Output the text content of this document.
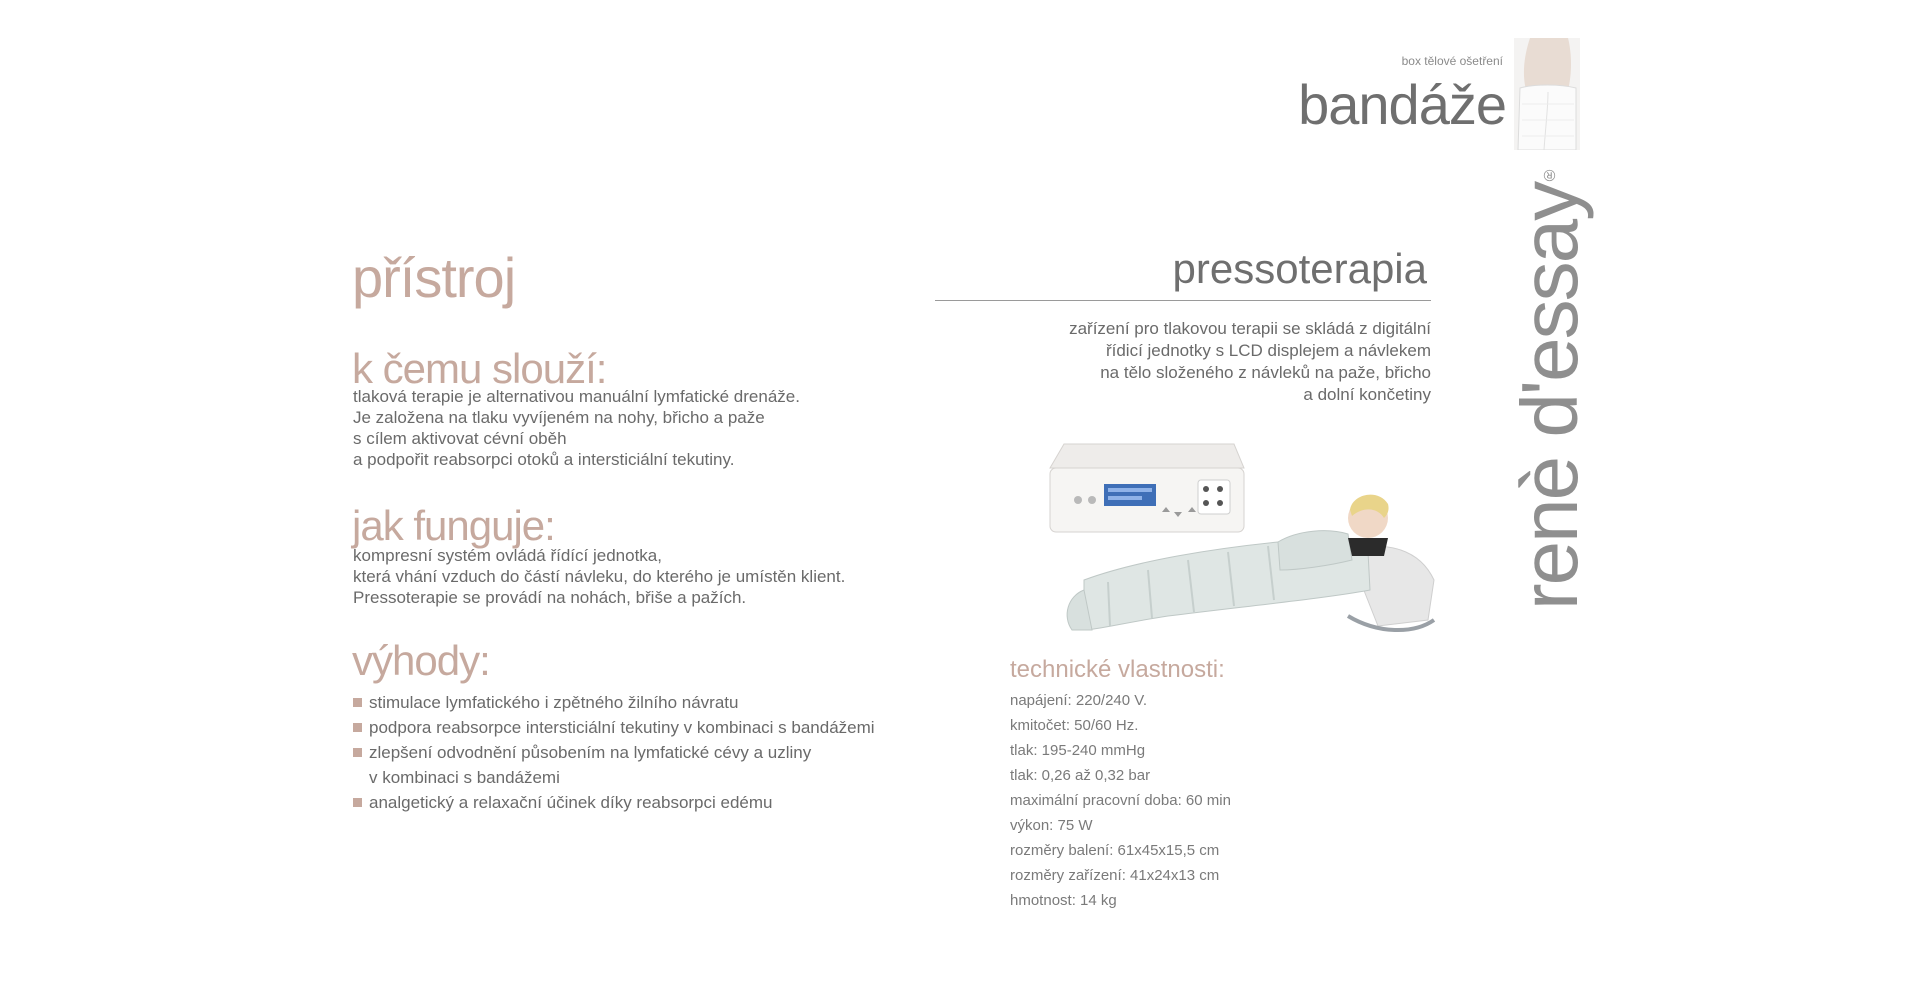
box tělové ošetření
bandáže
renè d'essay®
přístroj
k čemu slouží:
tlaková terapie je alternativou manuální lymfatické drenáže.
Je založena na tlaku vyvíjeném na nohy, břicho a paže
s cílem aktivovat cévní oběh
a podpořit reabsorpci otoků a intersticiální tekutiny.
jak funguje:
kompresní systém ovládá řídící jednotka,
která vhání vzduch do částí návleku, do kterého je umístěn klient.
Pressoterapie se provádí na nohách, břiše a pažích.
výhody:
stimulace lymfatického i zpětného žilního návratu
podpora reabsorpce intersticiální tekutiny v kombinaci s bandážemi
zlepšení odvodnění působením na lymfatické cévy a uzliny
v kombinaci s bandážemi
analgetický a relaxační účinek díky reabsorpci edému
pressoterapia
zařízení pro tlakovou terapii se skládá z digitální
řídicí jednotky s LCD displejem a návlekem
na tělo složeného z návleků na paže, břicho
a dolní končetiny
technické vlastnosti:
napájení: 220/240 V.
kmitočet: 50/60 Hz.
tlak: 195-240 mmHg
tlak: 0,26 až 0,32 bar
maximální pracovní doba: 60 min
výkon: 75 W
rozměry balení: 61x45x15,5 cm
rozměry zařízení: 41x24x13 cm
hmotnost: 14 kg
